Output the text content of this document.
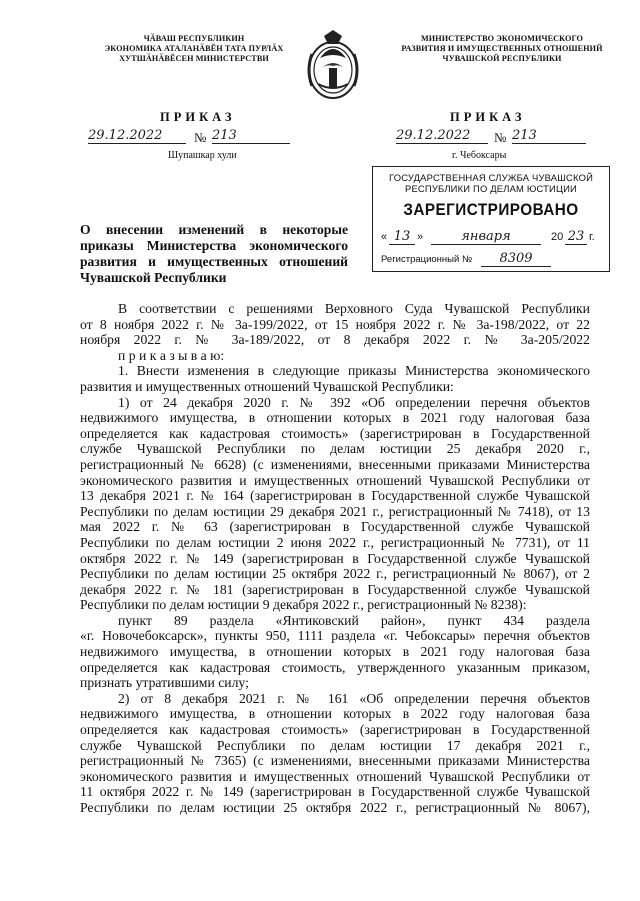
ЧӐВАШ РЕСПУБЛИКИН
ЭКОНОМИКА АТАЛАНӐВӖН ТАТА ПУРЛӐХ
ХУТШӐНӐВӖСЕН МИНИСТЕРСТВИ
МИНИСТЕРСТВО ЭКОНОМИЧЕСКОГО
РАЗВИТИЯ И ИМУЩЕСТВЕННЫХ ОТНОШЕНИЙ
ЧУВАШСКОЙ РЕСПУБЛИКИ
ПРИКАЗ
29.12.2022	№ 213
Шупашкар хули
ПРИКАЗ
29.12.2022	№ 213
г. Чебоксары
ГОСУДАРСТВЕННАЯ СЛУЖБА ЧУВАШСКОЙ
РЕСПУБЛИКИ ПО ДЕЛАМ ЮСТИЦИИ
ЗАРЕГИСТРИРОВАНО
« 13 »	января	20 23 г.
Регистрационный №	8309
О внесении изменений в некоторые приказы Министерства экономического развития и имущественных отношений Чувашской Республики
В соответствии с решениями Верховного Суда Чувашской Республики
от 8 ноября 2022 г. № 3а-199/2022, от 15 ноября 2022 г. № 3а-198/2022, от 22
ноября 2022 г. № 3а-189/2022, от 8 декабря 2022 г. № 3а-205/2022
п р и к а з ы в а ю:
1. Внести изменения в следующие приказы Министерства экономического
развития и имущественных отношений Чувашской Республики:
1) от 24 декабря 2020 г. № 392 «Об определении перечня объектов
недвижимого имущества, в отношении которых в 2021 году налоговая база
определяется как кадастровая стоимость» (зарегистрирован в Государственной
службе Чувашской Республики по делам юстиции 25 декабря 2020 г.,
регистрационный № 6628) (с изменениями, внесенными приказами Министерства
экономического развития и имущественных отношений Чувашской Республики от
13 декабря 2021 г. № 164 (зарегистрирован в Государственной службе Чувашской
Республики по делам юстиции 29 декабря 2021 г., регистрационный № 7418), от 13
мая 2022 г. № 63 (зарегистрирован в Государственной службе Чувашской
Республики по делам юстиции 2 июня 2022 г., регистрационный № 7731), от 11
октября 2022 г. № 149 (зарегистрирован в Государственной службе Чувашской
Республики по делам юстиции 25 октября 2022 г., регистрационный № 8067), от 2
декабря 2022 г. № 181 (зарегистрирован в Государственной службе Чувашской
Республики по делам юстиции 9 декабря 2022 г., регистрационный № 8238):
пункт 89 раздела «Янтиковский район», пункт 434 раздела
«г. Новочебоксарск», пункты 950, 1111 раздела «г. Чебоксары» перечня объектов
недвижимого имущества, в отношении которых в 2021 году налоговая база
определяется как кадастровая стоимость, утвержденного указанным приказом,
признать утратившими силу;
2) от 8 декабря 2021 г. № 161 «Об определении перечня объектов
недвижимого имущества, в отношении которых в 2022 году налоговая база
определяется как кадастровая стоимость» (зарегистрирован в Государственной
службе Чувашской Республики по делам юстиции 17 декабря 2021 г.,
регистрационный № 7365) (с изменениями, внесенными приказами Министерства
экономического развития и имущественных отношений Чувашской Республики от
11 октября 2022 г. № 149 (зарегистрирован в Государственной службе Чувашской
Республики по делам юстиции 25 октября 2022 г., регистрационный № 8067),
